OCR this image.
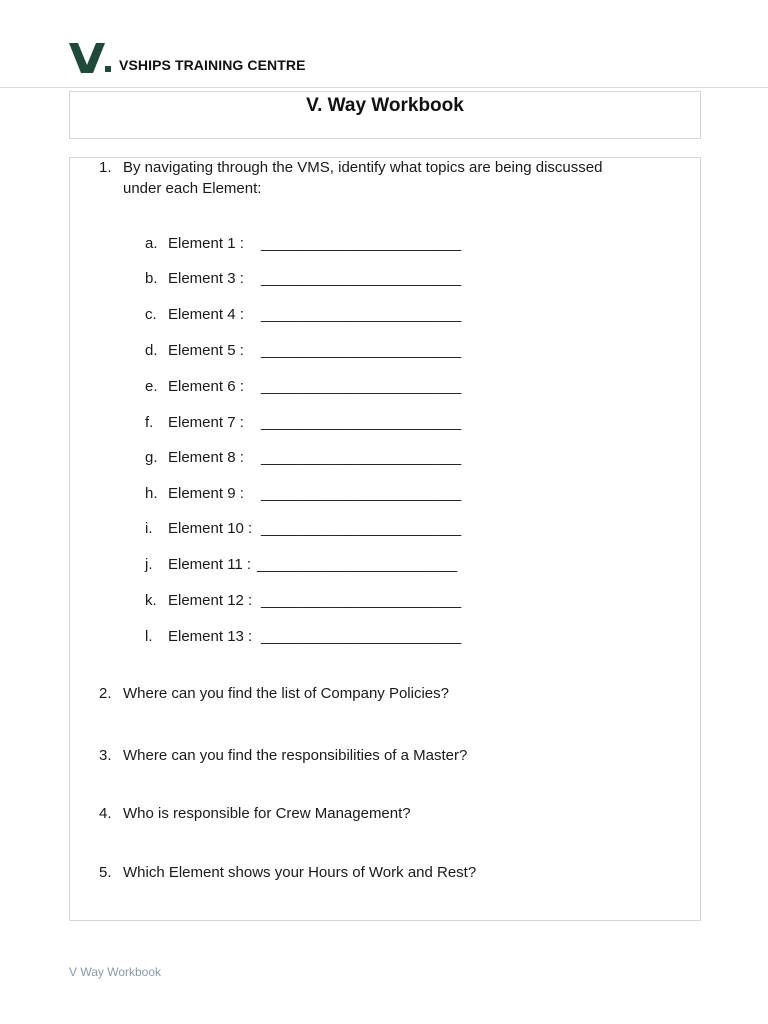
VSHIPS TRAINING CENTRE
V. Way Workbook
1. By navigating through the VMS, identify what topics are being discussed
under each Element:
a. Element 1 : ________________________
b. Element 3 : ________________________
c. Element 4 : ________________________
d. Element 5 : ________________________
e. Element 6 : ________________________
f. Element 7 : ________________________
g. Element 8 : ________________________
h. Element 9 : ________________________
i.	Element 10 : ________________________
j.	Element 11 : ________________________
k. Element 12 : ________________________
l.	Element 13 : ________________________
2. Where can you find the list of Company Policies?
3. Where can you find the responsibilities of a Master?
4. Who is responsible for Crew Management?
5. Which Element shows your Hours of Work and Rest?
V Way Workbook
